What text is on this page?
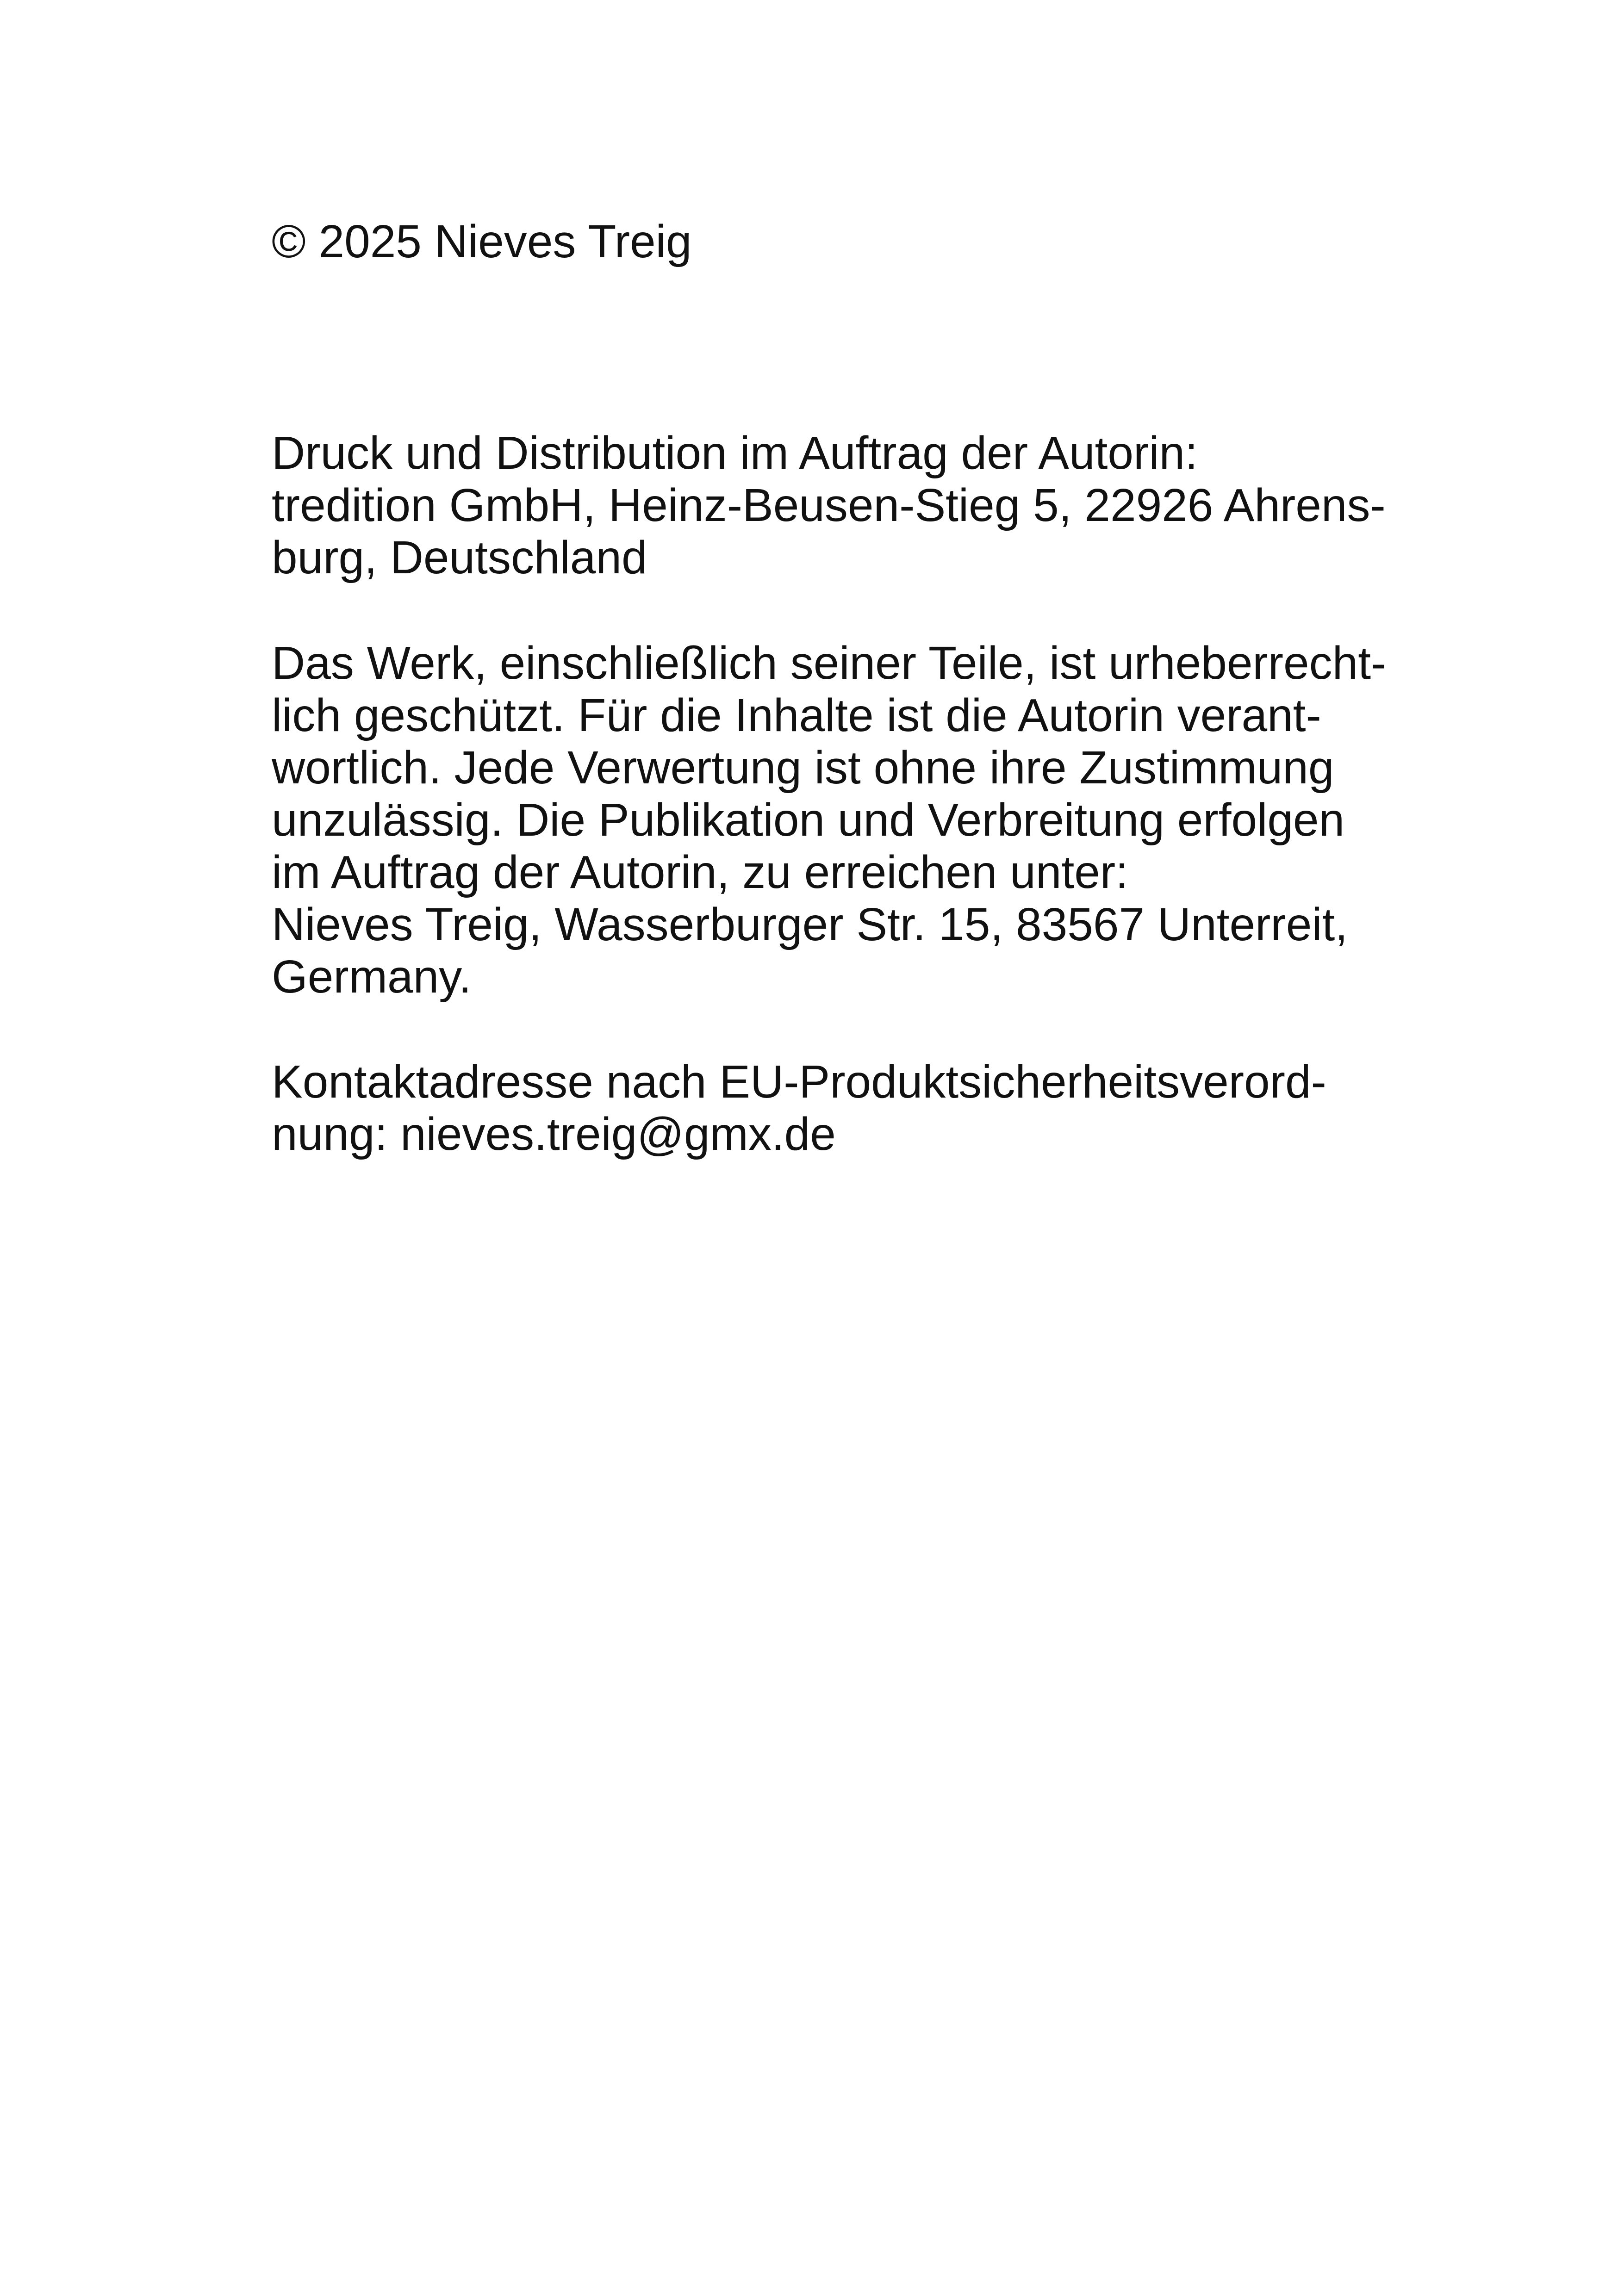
© 2025 Nieves Treig
Druck und Distribution im Auftrag der Autorin:
tredition GmbH, Heinz-Beusen-Stieg 5, 22926 Ahrens-
burg, Deutschland
Das Werk, einschließlich seiner Teile, ist urheberrecht-
lich geschützt. Für die Inhalte ist die Autorin verant-
wortlich. Jede Verwertung ist ohne ihre Zustimmung
unzulässig. Die Publikation und Verbreitung erfolgen
im Auftrag der Autorin, zu erreichen unter:
Nieves Treig, Wasserburger Str. 15, 83567 Unterreit,
Germany.
Kontaktadresse nach EU-Produktsicherheitsverord-
nung: nieves.treig@gmx.de
